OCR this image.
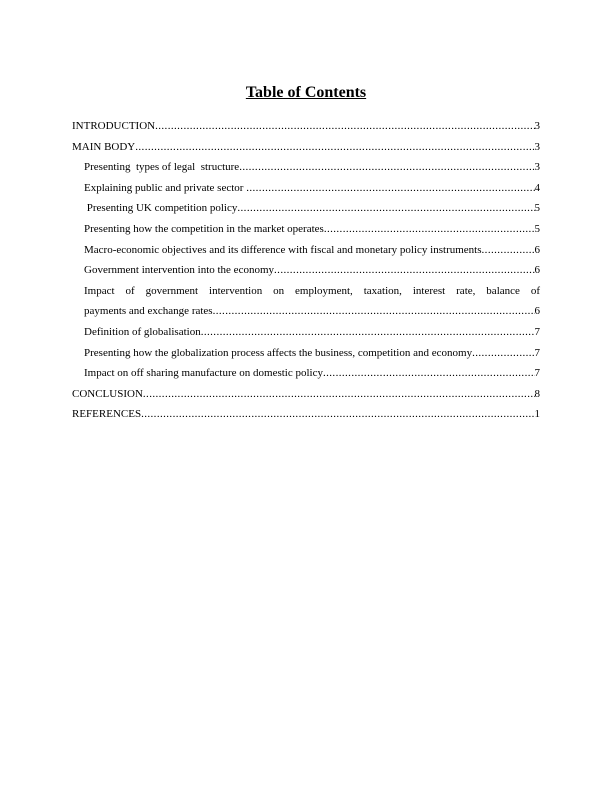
Table of Contents
INTRODUCTION .....	3
MAIN BODY .....	3
Presenting  types of legal  structure .....	3
Explaining public and private sector .....	4
Presenting UK competition policy .....	5
Presenting how the competition in the market operates .....	5
Macro-economic objectives and its difference with fiscal and monetary policy instruments .....	6
Government intervention into the economy .....	6
Impact of government intervention on employment, taxation, interest rate, balance of
payments and exchange rates .....	6
Definition of globalisation .....	7
Presenting how the globalization process affects the business, competition and economy .....	7
Impact on off sharing manufacture on domestic policy .....	7
CONCLUSION .....	8
REFERENCES .....	1
